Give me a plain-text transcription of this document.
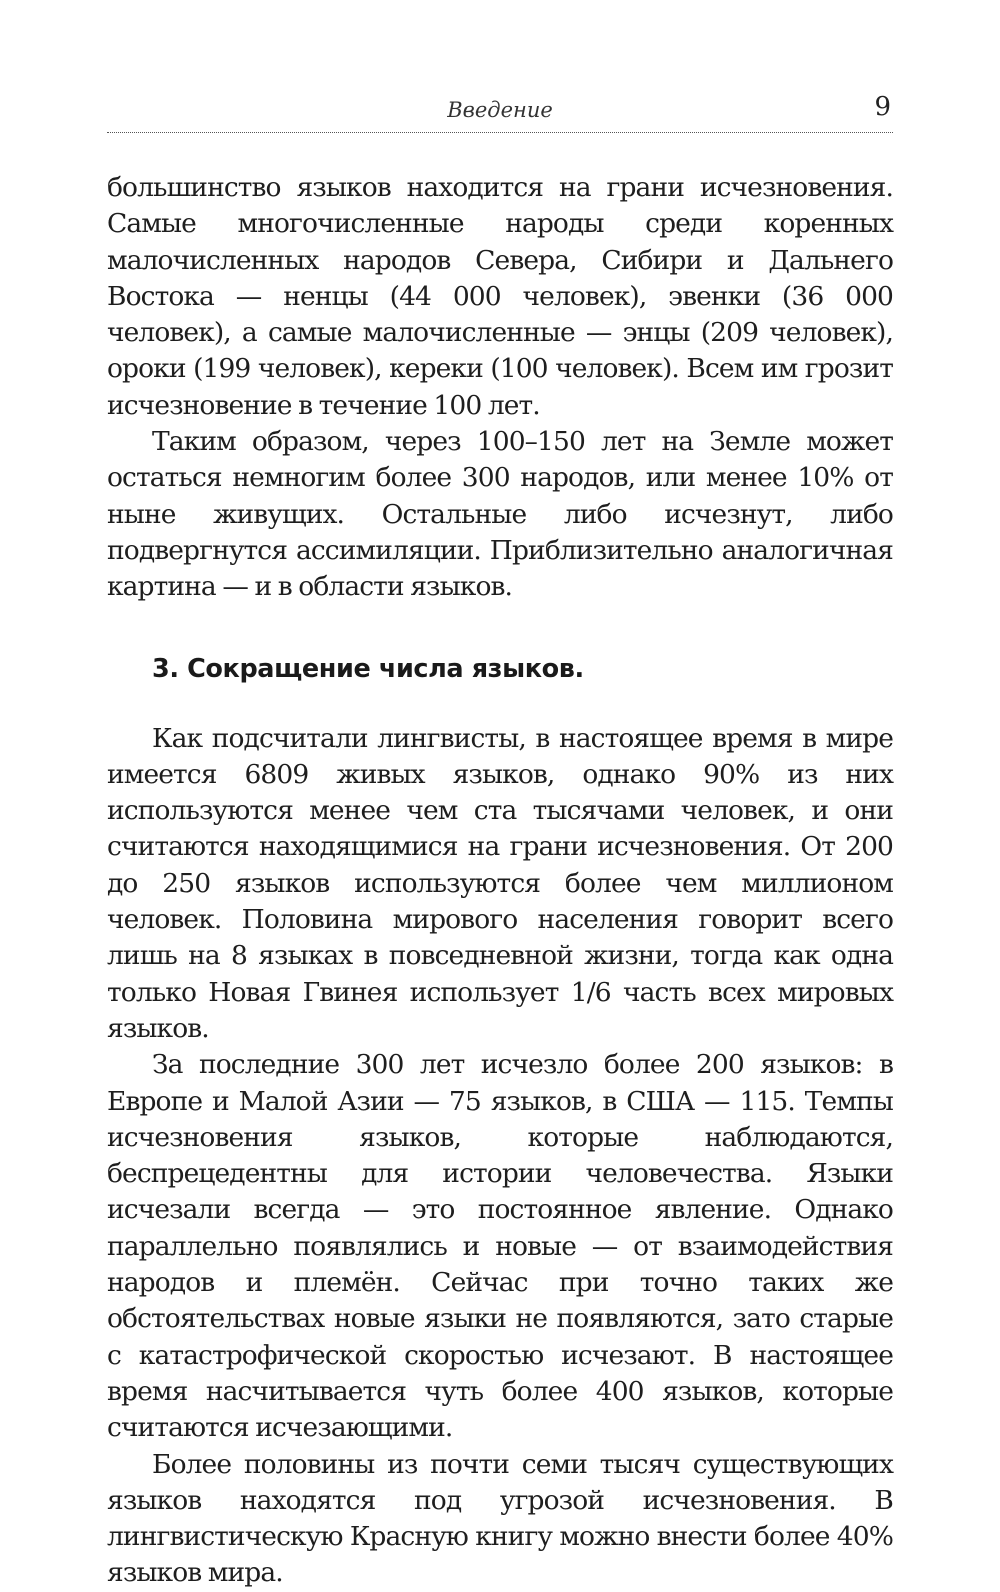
Введение	9

большинство языков находится на грани исчезновения. Самые многочисленные народы среди коренных малочисленных народов Севера, Сибири и Дальнего Востока — ненцы (44 000 человек), эвенки (36 000 человек), а самые малочисленные — энцы (209 человек), ороки (199 человек), кереки (100 человек). Всем им грозит исчезновение в течение 100 лет.

Таким образом, через 100–150 лет на Земле может остаться немногим более 300 народов, или менее 10% от ныне живущих. Остальные либо исчезнут, либо подвергнутся ассимиляции. Приблизительно аналогичная картина — и в области языков.

3. Сокращение числа языков.

Как подсчитали лингвисты, в настоящее время в мире имеется 6809 живых языков, однако 90% из них используются менее чем ста тысячами человек, и они считаются находящимися на грани исчезновения. От 200 до 250 языков используются более чем миллионом человек. Половина мирового населения говорит всего лишь на 8 языках в повседневной жизни, тогда как одна только Новая Гвинея использует 1/6 часть всех мировых языков.

За последние 300 лет исчезло более 200 языков: в Европе и Малой Азии — 75 языков, в США — 115. Темпы исчезновения языков, которые наблюдаются, беспрецедентны для истории человечества. Языки исчезали всегда — это постоянное явление. Однако параллельно появлялись и новые — от взаимодействия народов и племён. Сейчас при точно таких же обстоятельствах новые языки не появляются, зато старые с катастрофической скоростью исчезают. В настоящее время насчитывается чуть более 400 языков, которые считаются исчезающими.

Более половины из почти семи тысяч существующих языков находятся под угрозой исчезновения. В лингвистическую Красную книгу можно внести более 40% языков мира.
